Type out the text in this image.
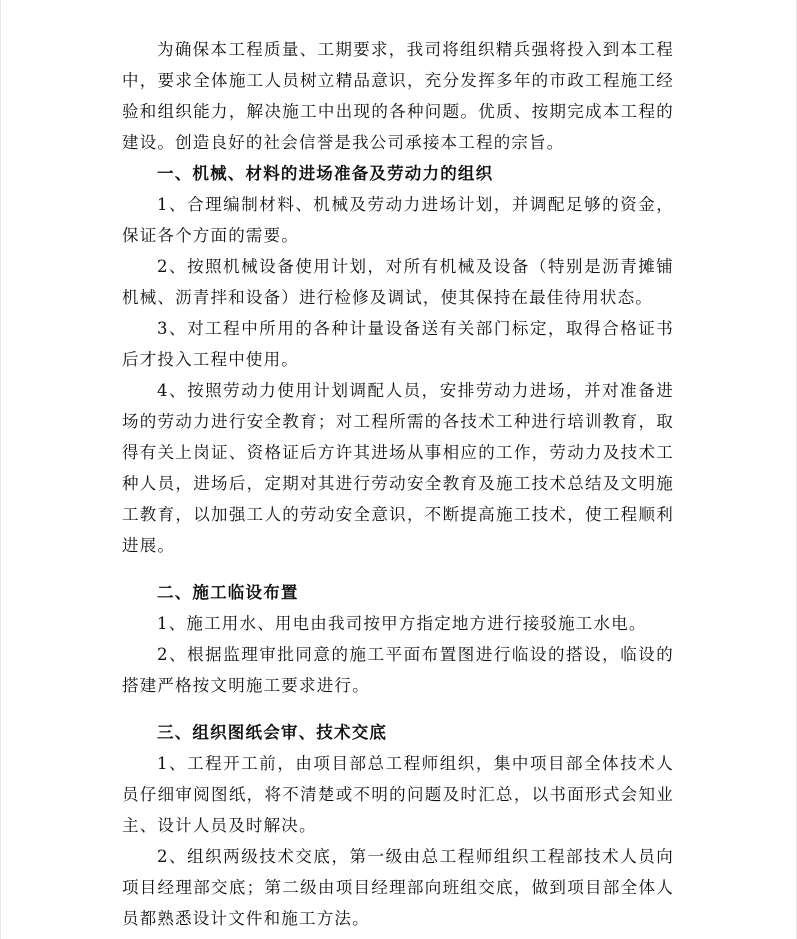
为确保本工程质量、工期要求，我司将组织精兵强将投入到本工程中，要求全体施工人员树立精品意识，充分发挥多年的市政工程施工经验和组织能力，解决施工中出现的各种问题。优质、按期完成本工程的建设。创造良好的社会信誉是我公司承接本工程的宗旨。

一、机械、材料的进场准备及劳动力的组织

1、合理编制材料、机械及劳动力进场计划，并调配足够的资金，保证各个方面的需要。

2、按照机械设备使用计划，对所有机械及设备（特别是沥青摊铺机械、沥青拌和设备）进行检修及调试，使其保持在最佳待用状态。

3、对工程中所用的各种计量设备送有关部门标定，取得合格证书后才投入工程中使用。

4、按照劳动力使用计划调配人员，安排劳动力进场，并对准备进场的劳动力进行安全教育；对工程所需的各技术工种进行培训教育，取得有关上岗证、资格证后方许其进场从事相应的工作，劳动力及技术工种人员，进场后，定期对其进行劳动安全教育及施工技术总结及文明施工教育，以加强工人的劳动安全意识，不断提高施工技术，使工程顺利进展。

二、施工临设布置

1、施工用水、用电由我司按甲方指定地方进行接驳施工水电。

2、根据监理审批同意的施工平面布置图进行临设的搭设，临设的搭建严格按文明施工要求进行。

三、组织图纸会审、技术交底

1、工程开工前，由项目部总工程师组织，集中项目部全体技术人员仔细审阅图纸，将不清楚或不明的问题及时汇总，以书面形式会知业主、设计人员及时解决。

2、组织两级技术交底，第一级由总工程师组织工程部技术人员向项目经理部交底；第二级由项目经理部向班组交底，做到项目部全体人员都熟悉设计文件和施工方法。
